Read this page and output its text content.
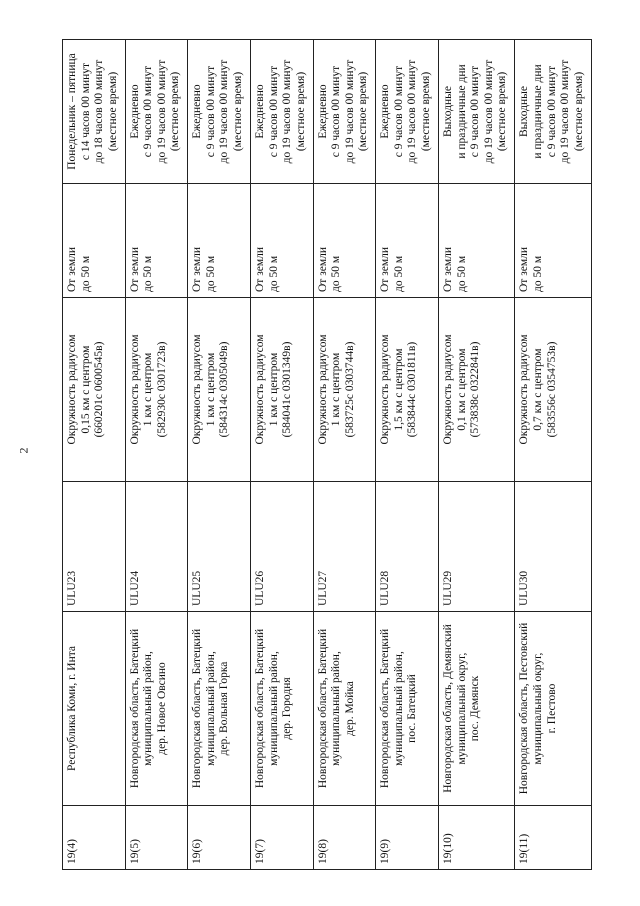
2
19(4)	Республика Коми, г. Инта	ULU23	Окружность радиусом 0,15 км с центром (660201с 0600545в)	От земли до 50 м	Понедельник – пятница с 14 часов 00 минут до 18 часов 00 минут (местное время)

19(5)	Новгородская область, Батецкий муниципальный район, дер. Новое Овсино	ULU24	Окружность радиусом 1 км с центром (582930с 0301723в)	От земли до 50 м	Ежедневно с 9 часов 00 минут до 19 часов 00 минут (местное время)

19(6)	Новгородская область, Батецкий муниципальный район, дер. Вольная Горка	ULU25	Окружность радиусом 1 км с центром (584314с 0305049в)	От земли до 50 м	Ежедневно с 9 часов 00 минут до 19 часов 00 минут (местное время)

19(7)	Новгородская область, Батецкий муниципальный район, дер. Городня	ULU26	Окружность радиусом 1 км с центром (584041с 0301349в)	От земли до 50 м	Ежедневно с 9 часов 00 минут до 19 часов 00 минут (местное время)

19(8)	Новгородская область, Батецкий муниципальный район, дер. Мойка	ULU27	Окружность радиусом 1 км с центром (583725с 0303744в)	От земли до 50 м	Ежедневно с 9 часов 00 минут до 19 часов 00 минут (местное время)

19(9)	Новгородская область, Батецкий муниципальный район, пос. Батецкий	ULU28	Окружность радиусом 1,5 км с центром (583844с 0301811в)	От земли до 50 м	Ежедневно с 9 часов 00 минут до 19 часов 00 минут (местное время)

19(10)	Новгородская область, Демянский муниципальный округ, пос. Демянск	ULU29	Окружность радиусом 0,1 км с центром (573838с 0322841в)	От земли до 50 м	Выходные и праздничные дни с 9 часов 00 минут до 19 часов 00 минут (местное время)

19(11)	Новгородская область, Пестовский муниципальный округ, г. Пестово	ULU30	Окружность радиусом 0,7 км с центром (583556с 0354753в)	От земли до 50 м	Выходные и праздничные дни с 9 часов 00 минут до 19 часов 00 минут (местное время)
